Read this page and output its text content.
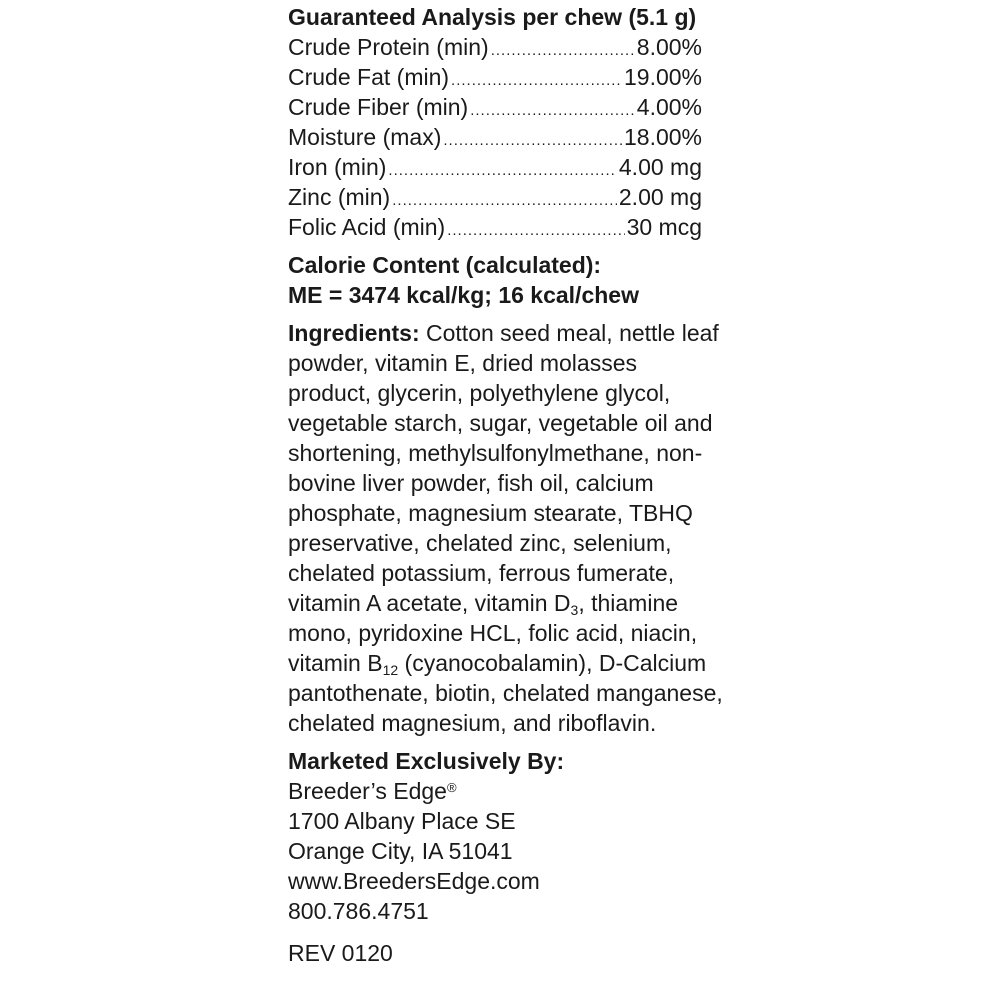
Guaranteed Analysis per chew (5.1 g)
Crude Protein (min) .....	8.00%
Crude Fat (min) .....	19.00%
Crude Fiber (min) .....	4.00%
Moisture (max) .....	18.00%
Iron (min) .....	4.00 mg
Zinc (min) .....	2.00 mg
Folic Acid (min) .....	30 mcg
Calorie Content (calculated):
ME = 3474 kcal/kg; 16 kcal/chew

Ingredients: Cotton seed meal, nettle leaf powder, vitamin E, dried molasses product, glycerin, polyethylene glycol, vegetable starch, sugar, vegetable oil and shortening, methylsulfonylmethane, non-bovine liver powder, fish oil, calcium phosphate, magnesium stearate, TBHQ preservative, chelated zinc, selenium, chelated potassium, ferrous fumerate, vitamin A acetate, vitamin $D_3$, thiamine mono, pyridoxine HCL, folic acid, niacin, vitamin $B_{12}$ (cyanocobalamin), D-Calcium pantothenate, biotin, chelated manganese, chelated magnesium, and riboflavin.

Marketed Exclusively By:
Breeder’s Edge®
1700 Albany Place SE
Orange City, IA 51041
www.BreedersEdge.com
800.786.4751
REV 0120
